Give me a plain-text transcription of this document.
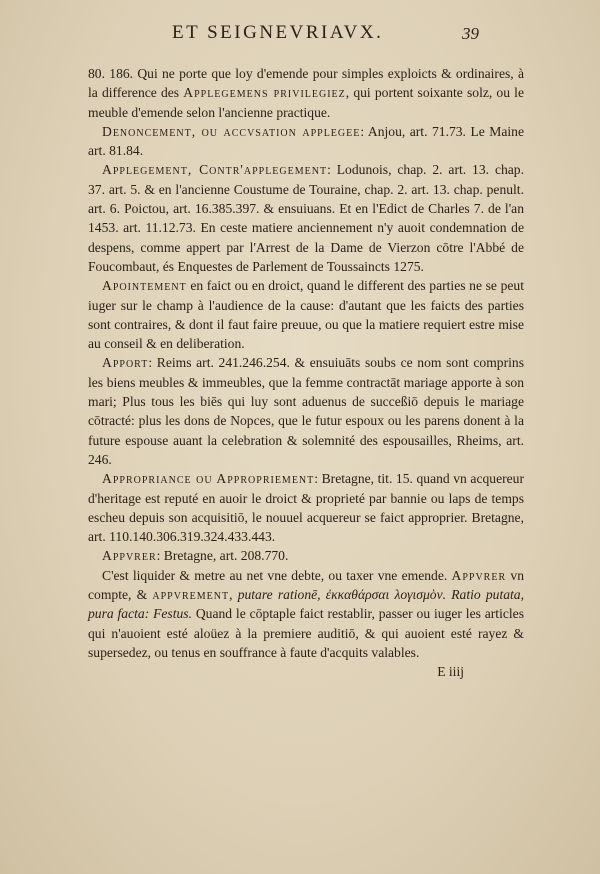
ET SEIGNEVRIAVX.	39

80. 186. Qui ne porte que loy d'emende pour simples exploicts & ordinaires, à la difference des Applegemens privilegiez, qui portent soixante solz, ou le meuble d'emende selon l'ancienne practique.

Denoncement, ou accvsation applegee: Anjou, art. 71.73. Le Maine art. 81.84.

Applegement, Contr'applegement: Lodunois, chap. 2. art. 13. chap. 37. art. 5. & en l'ancienne Coustume de Touraine, chap. 2. art. 13. chap. penult. art. 6. Poictou, art. 16.385.397. & ensuiuans. Et en l'Edict de Charles 7. de l'an 1453. art. 11.12.73. En ceste matiere anciennement n'y auoit condemnation de despens, comme appert par l'Arrest de la Dame de Vierzon cōtre l'Abbé de Foucombaut, és Enquestes de Parlement de Toussaincts 1275.

Apointement en faict ou en droict, quand le different des parties ne se peut iuger sur le champ à l'audience de la cause: d'autant que les faicts des parties sont contraires, & dont il faut faire preuue, ou que la matiere requiert estre mise au conseil & en deliberation.

Apport: Reims art. 241.246.254. & ensuiuāts soubs ce nom sont comprins les biens meubles & immeubles, que la femme contractāt mariage apporte à son mari; Plus tous les biēs qui luy sont aduenus de succeßiō depuis le mariage cōtracté: plus les dons de Nopces, que le futur espoux ou les parens donent à la future espouse auant la celebration & solemnité des espousailles, Rheims, art. 246.

Appropriance ou Appropriement: Bretagne, tit. 15. quand vn acquereur d'heritage est reputé en auoir le droict & proprieté par bannie ou laps de temps escheu depuis son acquisitiō, le nouuel acquereur se faict approprier. Bretagne, art. 110.140.306.319.324.433.443.

Appvrer: Bretagne, art. 208.770.

C'est liquider & metre au net vne debte, ou taxer vne emende. Appvrer vn compte, & appvrement, putare rationē, ἐκκαθάρσαι λογισμὸν. Ratio putata, pura facta: Festus. Quand le cōptaple faict restablir, passer ou iuger les articles qui n'auoient esté aloüez à la premiere auditiō, & qui auoient esté rayez & supersedez, ou tenus en souffrance à faute d'acquits valables.

E iiij
